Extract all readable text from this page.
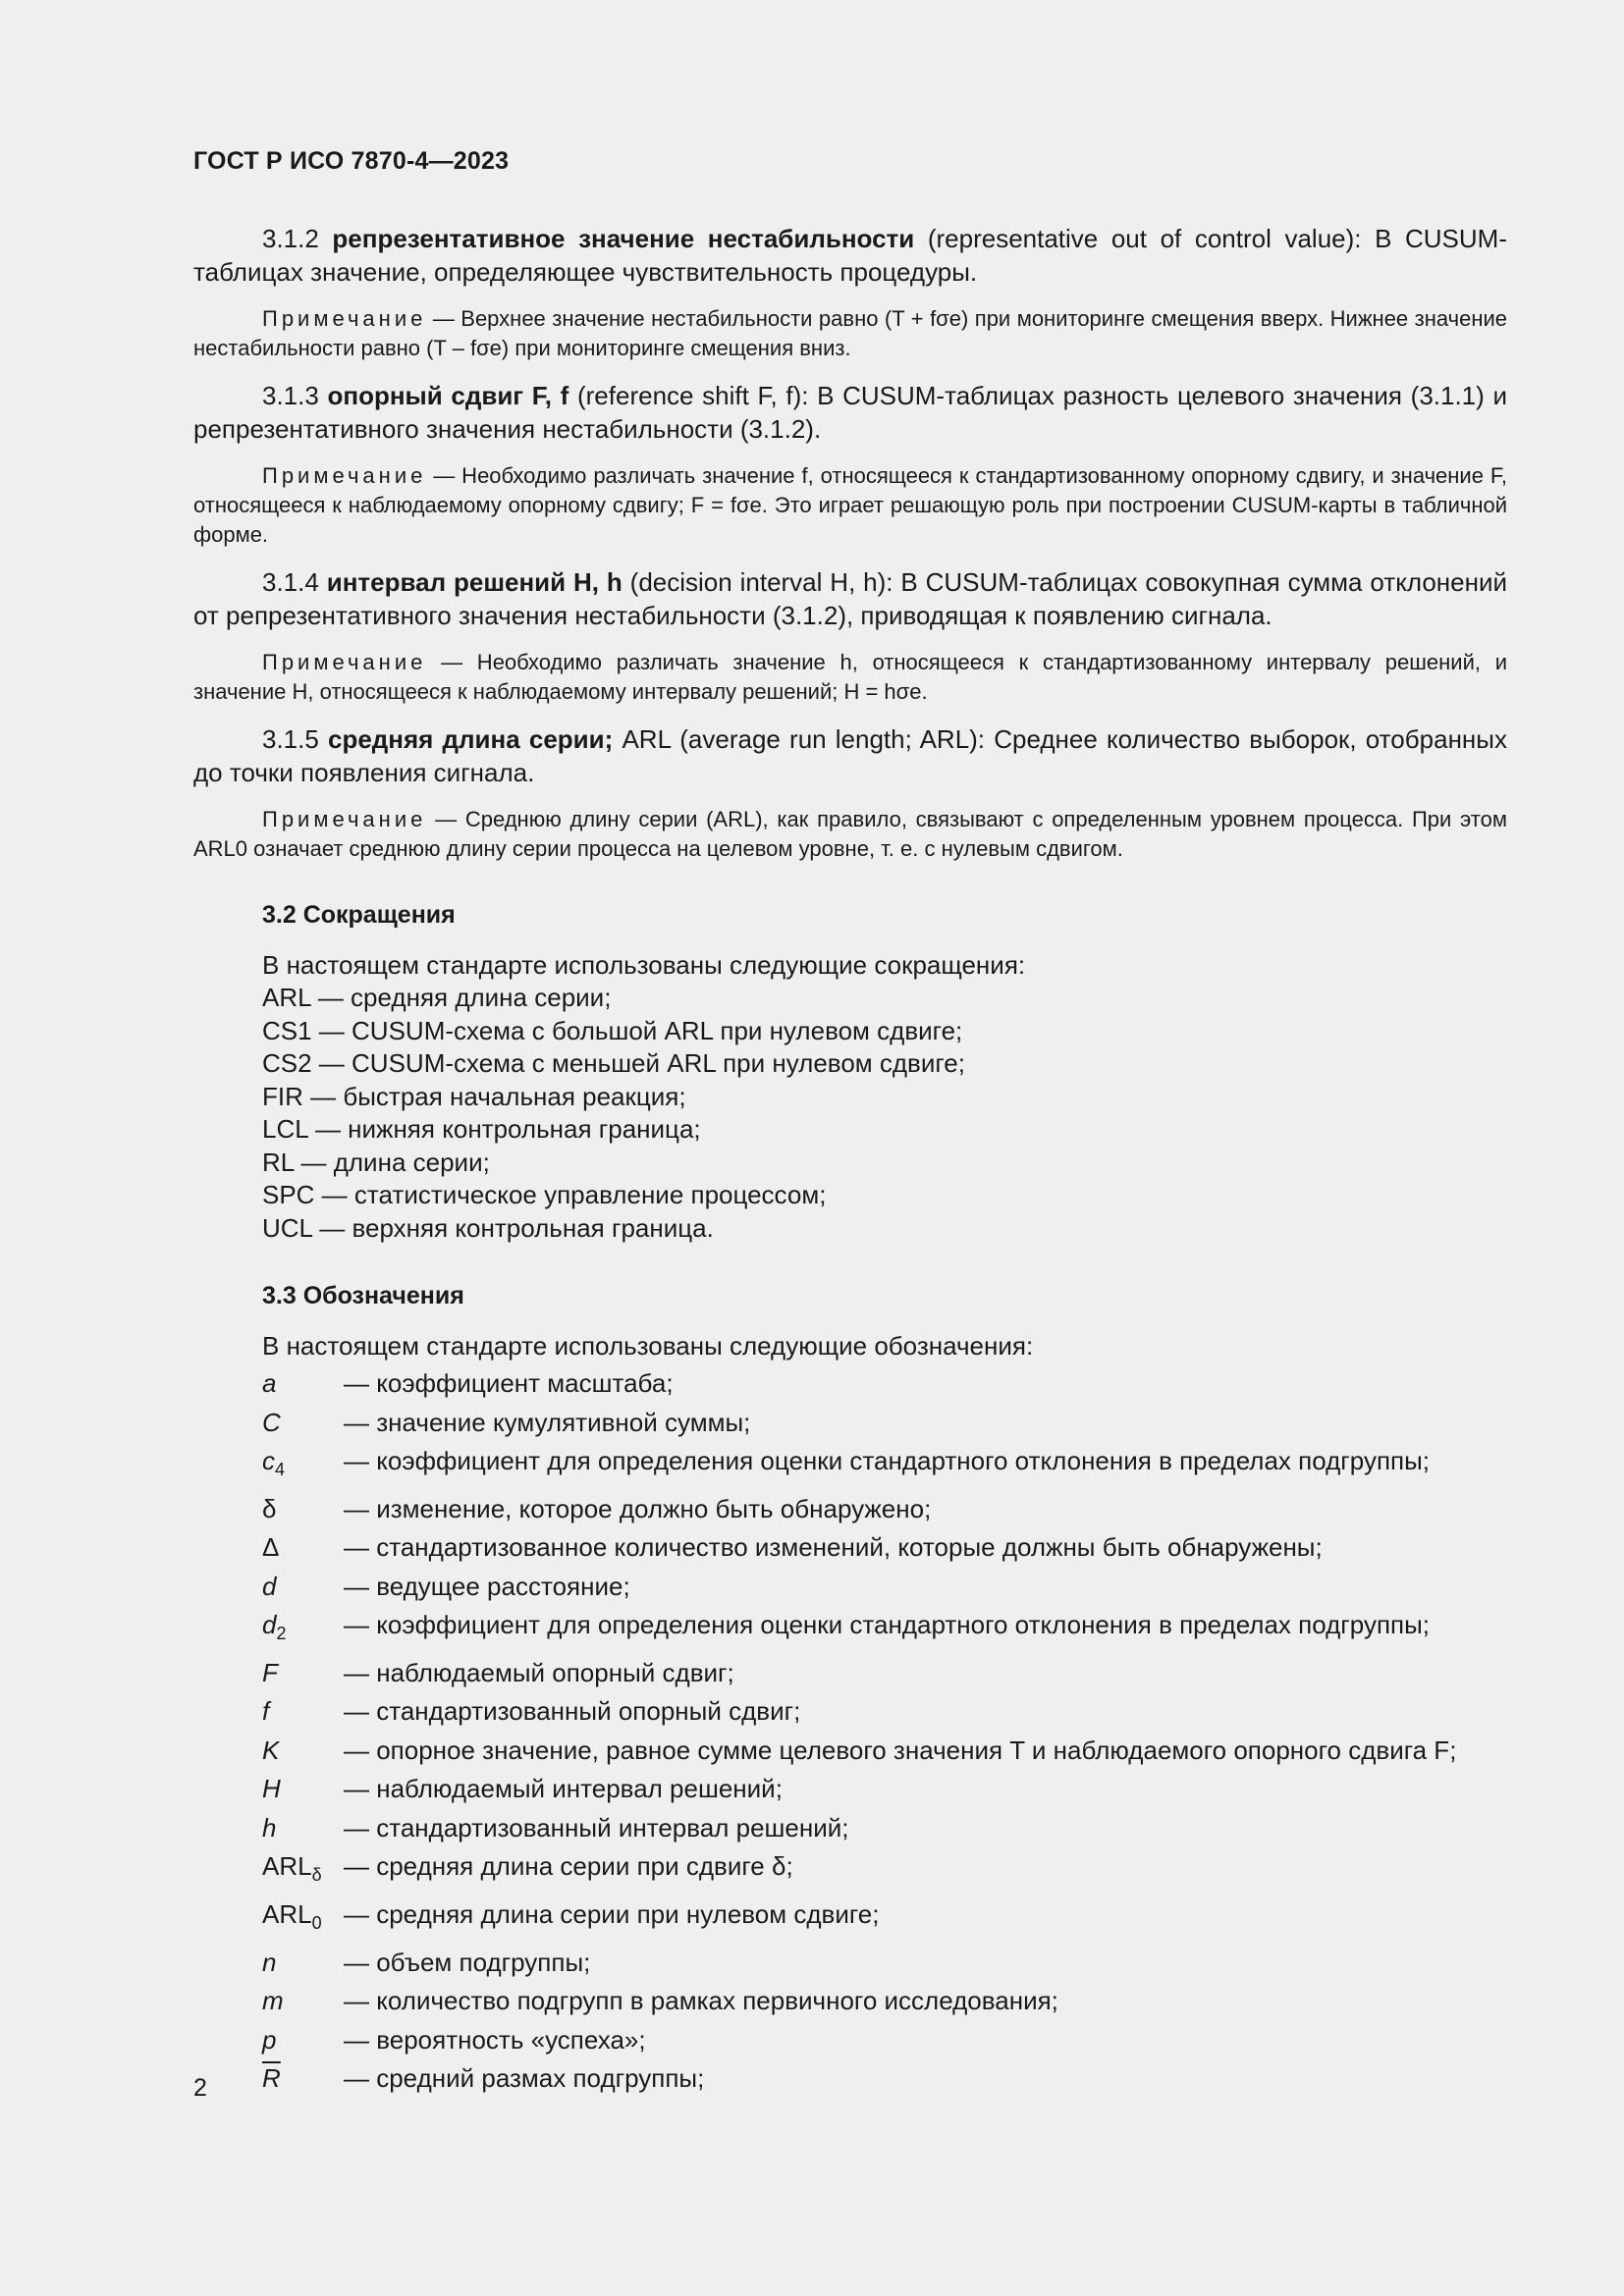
ГОСТ Р ИСО 7870-4—2023

3.1.2 репрезентативное значение нестабильности (representative out of control value): В CUSUM-таблицах значение, определяющее чувствительность процедуры.

Примечание — Верхнее значение нестабильности равно (T + fσe) при мониторинге смещения вверх. Нижнее значение нестабильности равно (T – fσe) при мониторинге смещения вниз.

3.1.3 опорный сдвиг F, f (reference shift F, f): В CUSUM-таблицах разность целевого значения (3.1.1) и репрезентативного значения нестабильности (3.1.2).

Примечание — Необходимо различать значение f, относящееся к стандартизованному опорному сдвигу, и значение F, относящееся к наблюдаемому опорному сдвигу; F = fσe. Это играет решающую роль при построении CUSUM-карты в табличной форме.

3.1.4 интервал решений H, h (decision interval H, h): В CUSUM-таблицах совокупная сумма отклонений от репрезентативного значения нестабильности (3.1.2), приводящая к появлению сигнала.

Примечание — Необходимо различать значение h, относящееся к стандартизованному интервалу решений, и значение H, относящееся к наблюдаемому интервалу решений; H = hσe.

3.1.5 средняя длина серии; ARL (average run length; ARL): Среднее количество выборок, отобранных до точки появления сигнала.

Примечание — Среднюю длину серии (ARL), как правило, связывают с определенным уровнем процесса. При этом ARL0 означает среднюю длину серии процесса на целевом уровне, т. е. с нулевым сдвигом.

3.2 Сокращения
В настоящем стандарте использованы следующие сокращения:
ARL — средняя длина серии;
CS1 — CUSUM-схема с большой ARL при нулевом сдвиге;
CS2 — CUSUM-схема с меньшей ARL при нулевом сдвиге;
FIR — быстрая начальная реакция;
LCL — нижняя контрольная граница;
RL — длина серии;
SPC — статистическое управление процессом;
UCL — верхняя контрольная граница.
3.3 Обозначения
В настоящем стандарте использованы следующие обозначения:
a	— коэффициент масштаба;
C	— значение кумулятивной суммы;
$c_4$	— коэффициент для определения оценки стандартного отклонения в пределах подгруппы;
δ	— изменение, которое должно быть обнаружено;
Δ	— стандартизованное количество изменений, которые должны быть обнаружены;
d	— ведущее расстояние;
$d_2$	— коэффициент для определения оценки стандартного отклонения в пределах подгруппы;
F	— наблюдаемый опорный сдвиг;
f	— стандартизованный опорный сдвиг;
K	— опорное значение, равное сумме целевого значения T и наблюдаемого опорного сдвига F;
H	— наблюдаемый интервал решений;
h	— стандартизованный интервал решений;
$ARL_\delta$ — средняя длина серии при сдвиге δ;
$ARL_0$ — средняя длина серии при нулевом сдвиге;
n	— объем подгруппы;
m	— количество подгрупп в рамках первичного исследования;
p	— вероятность «успеха»;
$\overline{R}$	— средний размах подгруппы;
2
